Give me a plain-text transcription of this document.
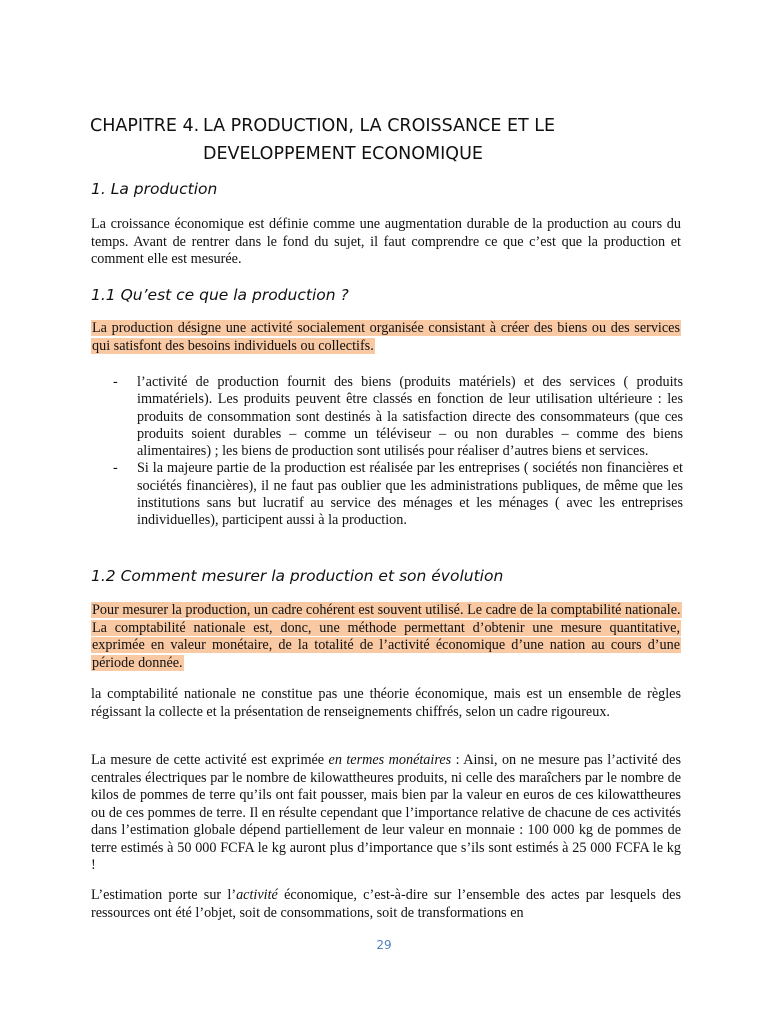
CHAPITRE 4. LA PRODUCTION, LA CROISSANCE ET LE DEVELOPPEMENT ECONOMIQUE
1. La production
La croissance économique est définie comme une augmentation durable de la production au cours du temps. Avant de rentrer dans le fond du sujet, il faut comprendre ce que c’est que la production et comment elle est mesurée.
1.1 Qu’est ce que la production ?
La production désigne une activité socialement organisée consistant à créer des biens ou des services qui satisfont des besoins individuels ou collectifs.
- l’activité de production fournit des biens (produits matériels) et des services ( produits immatériels). Les produits peuvent être classés en fonction de leur utilisation ultérieure : les produits de consommation sont destinés à la satisfaction directe des consommateurs (que ces produits soient durables – comme un téléviseur – ou non durables – comme des biens alimentaires) ; les biens de production sont utilisés pour réaliser d’autres biens et services.
- Si la majeure partie de la production est réalisée par les entreprises ( sociétés non financières et sociétés financières), il ne faut pas oublier que les administrations publiques, de même que les institutions sans but lucratif au service des ménages et les ménages ( avec les entreprises individuelles), participent aussi à la production.
1.2 Comment mesurer la production et son évolution
Pour mesurer la production, un cadre cohérent est souvent utilisé. Le cadre de la comptabilité nationale. La comptabilité nationale est, donc, une méthode permettant d’obtenir une mesure quantitative, exprimée en valeur monétaire, de la totalité de l’activité économique d’une nation au cours d’une période donnée.
la comptabilité nationale ne constitue pas une théorie économique, mais est un ensemble de règles régissant la collecte et la présentation de renseignements chiffrés, selon un cadre rigoureux.
La mesure de cette activité est exprimée en termes monétaires : Ainsi, on ne mesure pas l’activité des centrales électriques par le nombre de kilowattheures produits, ni celle des maraîchers par le nombre de kilos de pommes de terre qu’ils ont fait pousser, mais bien par la valeur en euros de ces kilowattheures ou de ces pommes de terre. Il en résulte cependant que l’importance relative de chacune de ces activités dans l’estimation globale dépend partiellement de leur valeur en monnaie : 100 000 kg de pommes de terre estimés à 50 000 FCFA le kg auront plus d’importance que s’ils sont estimés à 25 000 FCFA le kg !
L’estimation porte sur l’activité économique, c’est-à-dire sur l’ensemble des actes par lesquels des ressources ont été l’objet, soit de consommations, soit de transformations en
29
